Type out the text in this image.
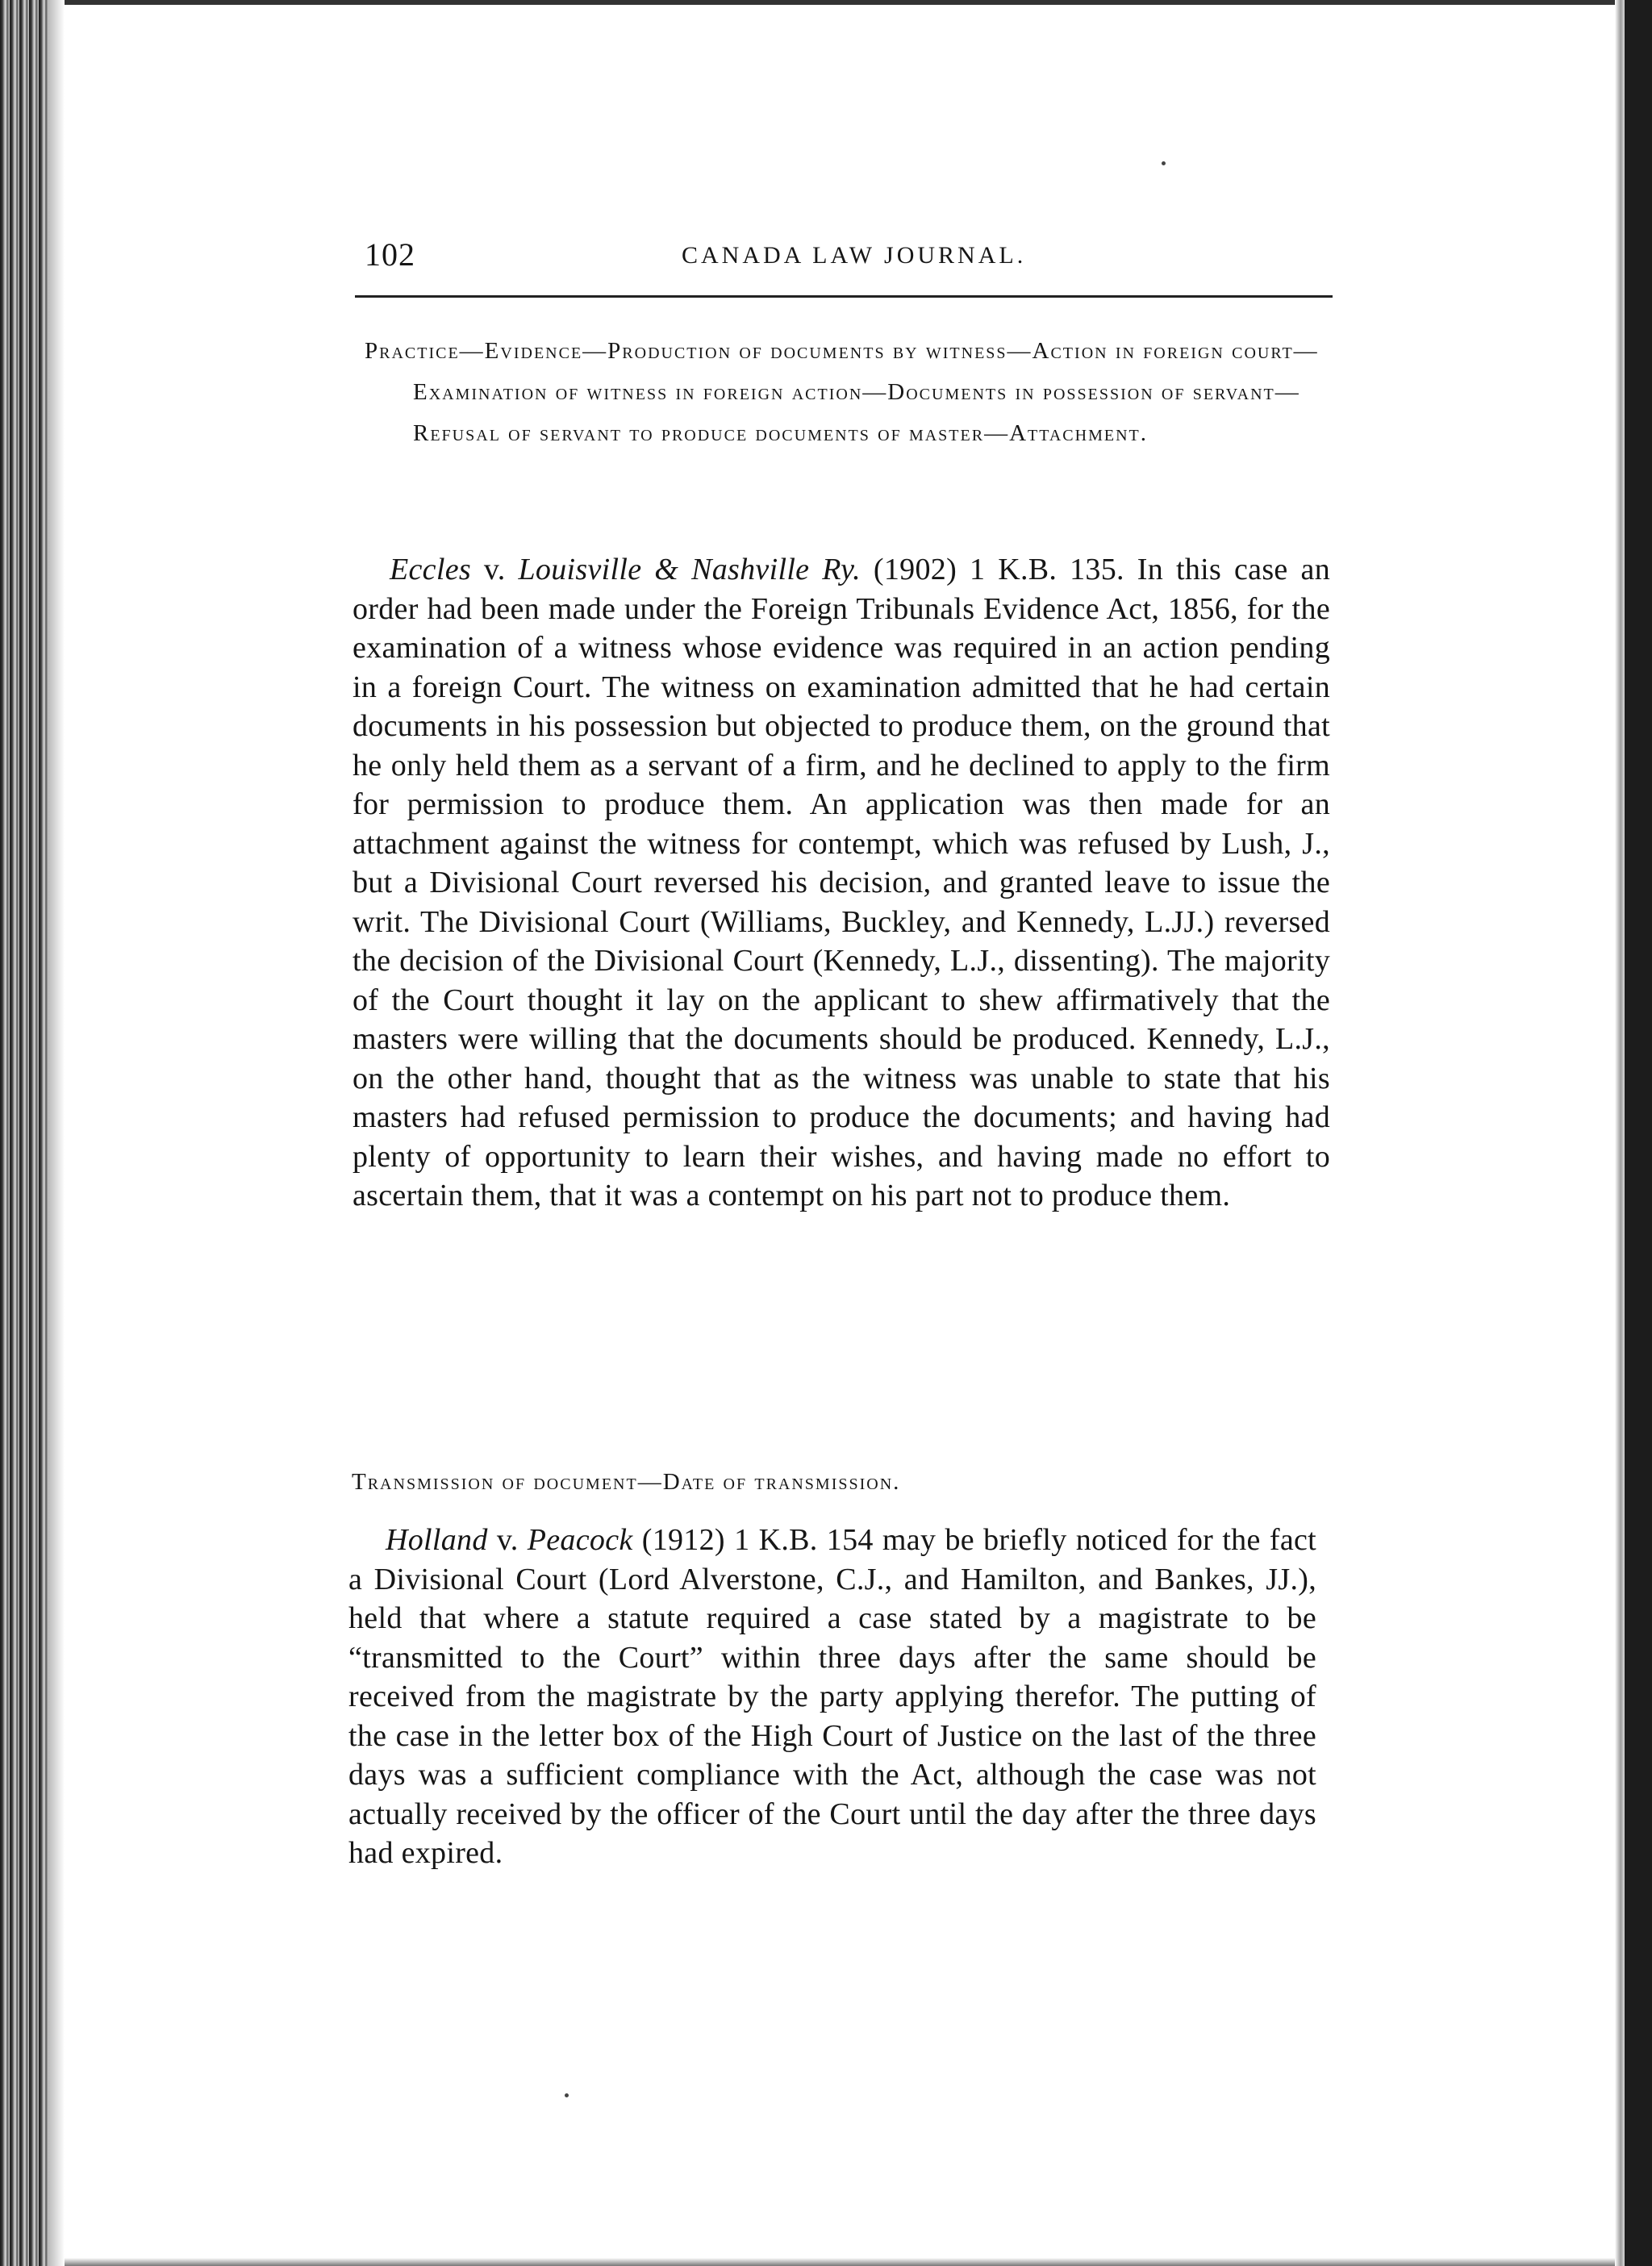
102	CANADA LAW JOURNAL.
Practice—Evidence—Production of documents by witness—Action in foreign court—Examination of witness in foreign action—Documents in possession of servant—Refusal of servant to produce documents of master—Attachment.
Eccles v. Louisville & Nashville Ry. (1902) 1 K.B. 135. In this case an order had been made under the Foreign Tribunals Evidence Act, 1856, for the examination of a witness whose evidence was required in an action pending in a foreign Court. The witness on examination admitted that he had certain documents in his possession but objected to produce them, on the ground that he only held them as a servant of a firm, and he declined to apply to the firm for permission to produce them. An application was then made for an attachment against the witness for contempt, which was refused by Lush, J., but a Divisional Court reversed his decision, and granted leave to issue the writ. The Divisional Court (Williams, Buckley, and Kennedy, L.JJ.) reversed the decision of the Divisional Court (Kennedy, L.J., dissenting). The majority of the Court thought it lay on the applicant to shew affirmatively that the masters were willing that the documents should be produced. Kennedy, L.J., on the other hand, thought that as the witness was unable to state that his masters had refused permission to produce the documents; and having had plenty of opportunity to learn their wishes, and having made no effort to ascertain them, that it was a contempt on his part not to produce them.
Transmission of document—Date of transmission.
Holland v. Peacock (1912) 1 K.B. 154 may be briefly noticed for the fact a Divisional Court (Lord Alverstone, C.J., and Hamilton, and Bankes, JJ.), held that where a statute required a case stated by a magistrate to be “transmitted to the Court” within three days after the same should be received from the magistrate by the party applying therefor. The putting of the case in the letter box of the High Court of Justice on the last of the three days was a sufficient compliance with the Act, although the case was not actually received by the officer of the Court until the day after the three days had expired.
